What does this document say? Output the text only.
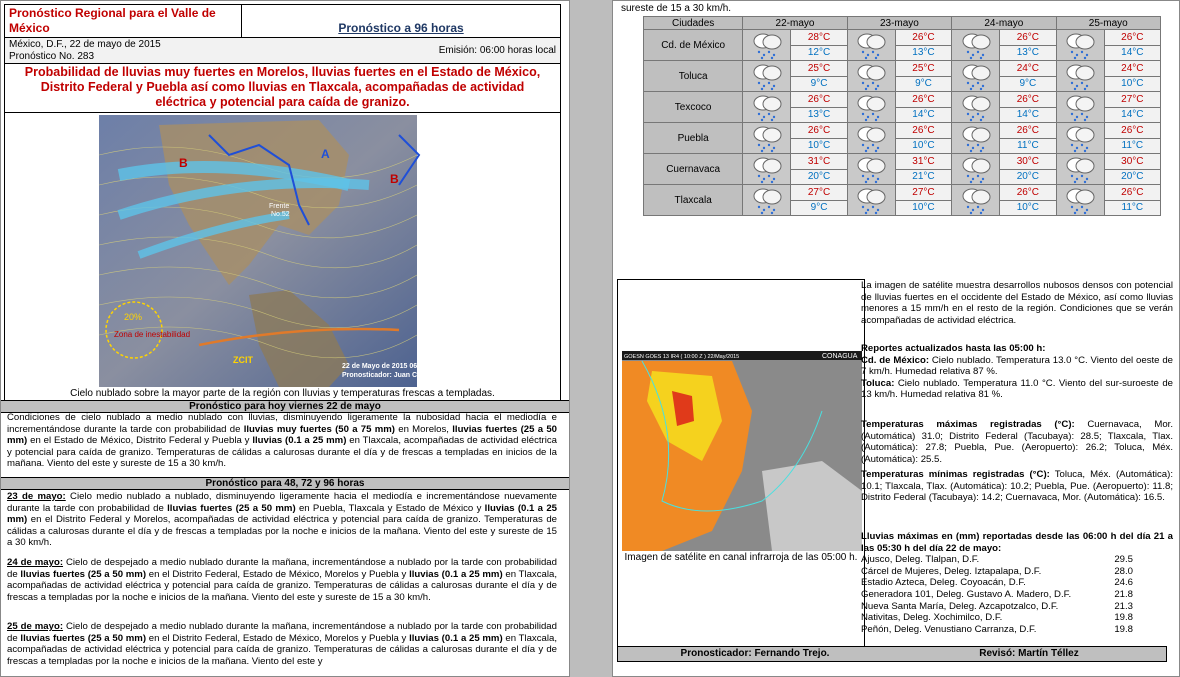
Pronóstico Regional para el Valle de México	Pronóstico a 96 horas
México, D.F., 22 de mayo de 2015
Pronóstico No. 283
Emisión: 06:00 horas local
Probabilidad de lluvias muy fuertes en Morelos, lluvias fuertes en el Estado de México, Distrito Federal y Puebla así como lluvias en Tlaxcala, acompañadas de actividad eléctrica y potencial para caída de granizo.
20%
Zona de inestabilidad
ZCIT
A
B
B
Frente
No.52
22 de Mayo de 2015 06:00 h.
Pronosticador: Juan Carlos Ayala
Cielo nublado sobre la mayor parte de la región con lluvias y temperaturas frescas a templadas.
Pronóstico para hoy viernes 22 de mayo
Condiciones de cielo nublado a medio nublado con lluvias, disminuyendo ligeramente la nubosidad hacia el mediodía e incrementándose durante la tarde con probabilidad de lluvias muy fuertes (50 a 75 mm) en Morelos, lluvias fuertes (25 a 50 mm) en el Estado de México, Distrito Federal y Puebla y lluvias (0.1 a 25 mm) en Tlaxcala, acompañadas de actividad eléctrica y potencial para caída de granizo. Temperaturas de cálidas a calurosas durante el día y de frescas a templadas en inicios de la mañana. Viento del este y sureste de 15 a 30 km/h.
Pronóstico para 48, 72 y 96 horas
23 de mayo: Cielo medio nublado a nublado, disminuyendo ligeramente hacia el mediodía e incrementándose nuevamente durante la tarde con probabilidad de lluvias fuertes (25 a 50 mm) en Puebla, Tlaxcala y Estado de México y lluvias (0.1 a 25 mm) en el Distrito Federal y Morelos, acompañadas de actividad eléctrica y potencial para caída de granizo. Temperaturas de cálidas a calurosas durante el día y de frescas a templadas por la noche e inicios de la mañana. Viento del este y sureste de 15 a 30 km/h.
24 de mayo: Cielo de despejado a medio nublado durante la mañana, incrementándose a nublado por la tarde con probabilidad de lluvias fuertes (25 a 50 mm) en el Distrito Federal, Estado de México, Morelos y Puebla y lluvias (0.1 a 25 mm) en Tlaxcala, acompañadas de actividad eléctrica y potencial para caída de granizo. Temperaturas de cálidas a calurosas durante el día y de frescas a templadas por la noche e inicios de la mañana. Viento del este y sureste de 15 a 30 km/h.
25 de mayo: Cielo de despejado a medio nublado durante la mañana, incrementándose a nublado por la tarde con probabilidad de lluvias fuertes (25 a 50 mm) en el Distrito Federal, Estado de México, Morelos y Puebla y lluvias (0.1 a 25 mm) en Tlaxcala, acompañadas de actividad eléctrica y potencial para caída de granizo. Temperaturas de cálidas a calurosas durante el día y de frescas a templadas por la noche e inicios de la mañana. Viento del este y
sureste de 15 a 30 km/h.
Ciudades	22-mayo		23-mayo		24-mayo		25-mayo	
Cd. de México		28°C		26°C		26°C		26°C
		12°C		13°C		13°C		14°C
Toluca		25°C		25°C		24°C		24°C
		9°C		9°C		9°C		10°C
Texcoco		26°C		26°C		26°C		27°C
		13°C		14°C		14°C		14°C
Puebla		26°C		26°C		26°C		26°C
		10°C		10°C		11°C		11°C
Cuernavaca		31°C		31°C		30°C		30°C
		20°C		21°C		20°C		20°C
Tlaxcala		27°C		27°C		26°C		26°C
		9°C		10°C		10°C		11°C
GOESN GOES 13 IR4 ( 10:00 Z ) 22/May/2015	CONAGUA
Imagen de satélite en canal infrarroja de las 05:00 h.
La imagen de satélite muestra desarrollos nubosos densos con potencial de lluvias fuertes en el occidente del Estado de México, así como lluvias menores a 15 mm/h en el resto de la región. Condiciones que se verán acompañadas de actividad eléctrica.
Reportes actualizados hasta las 05:00 h:
Cd. de México: Cielo nublado. Temperatura 13.0 °C. Viento del oeste de 7 km/h. Humedad relativa 87 %.
Toluca: Cielo nublado. Temperatura 11.0 °C. Viento del sur-suroeste de 13 km/h. Humedad relativa 81 %.
Temperaturas máximas registradas (°C): Cuernavaca, Mor. (Automática) 31.0; Distrito Federal (Tacubaya): 28.5; Tlaxcala, Tlax. (Automática): 27.8; Puebla, Pue. (Aeropuerto): 26.2; Toluca, Méx. (Automática): 25.5.
Temperaturas mínimas registradas (°C): Toluca, Méx. (Automática): 10.1; Tlaxcala, Tlax. (Automática): 10.2; Puebla, Pue. (Aeropuerto): 11.8; Distrito Federal (Tacubaya): 14.2; Cuernavaca, Mor. (Automática): 16.5.
Lluvias máximas en (mm) reportadas desde las 06:00 h del día 21 a las 05:30 h del día 22 de mayo:
Ajusco, Deleg. Tlalpan, D.F.	29.5
Cárcel de Mujeres, Deleg. Iztapalapa, D.F.	28.0
Estadio Azteca, Deleg. Coyoacán, D.F.	24.6
Generadora 101, Deleg. Gustavo A. Madero, D.F.	21.8
Nueva Santa María, Deleg. Azcapotzalco, D.F.	21.3
Nativitas, Deleg. Xochimilco, D.F.	19.8
Peñón, Deleg. Venustiano Carranza, D.F.	19.8
Pronosticador: Fernando Trejo.	Revisó: Martín Téllez
